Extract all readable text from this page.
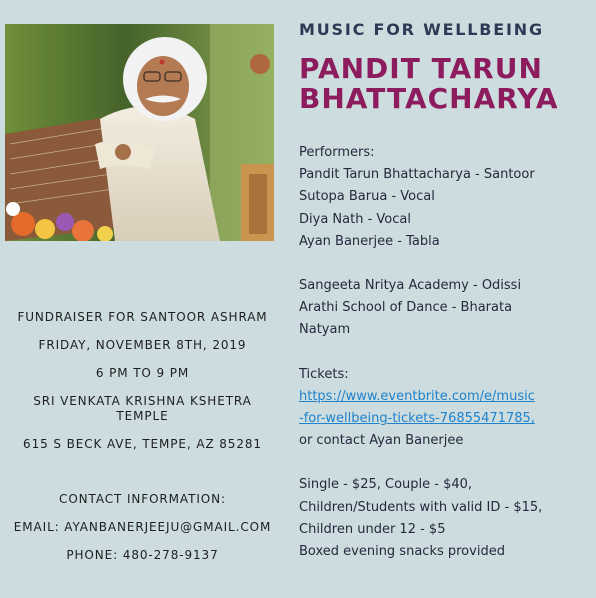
MUSIC FOR WELLBEING

PANDIT TARUN
BHATTACHARYA

Performers:

Pandit Tarun Bhattacharya - Santoor

Sutopa Barua - Vocal

Diya Nath - Vocal

Ayan Banerjee - Tabla

Sangeeta Nritya Academy - Odissi

Arathi School of Dance - Bharata

Natyam

Tickets:

https://www.eventbrite.com/e/music

-for-wellbeing-tickets-76855471785,

or contact Ayan Banerjee

Single - $25, Couple - $40,

Children/Students with valid ID - $15,

Children under 12 - $5

Boxed evening snacks provided

FUNDRAISER FOR SANTOOR ASHRAM

FRIDAY, NOVEMBER 8TH, 2019

6 PM TO 9 PM

SRI VENKATA KRISHNA KSHETRA

TEMPLE

615 S BECK AVE, TEMPE, AZ 85281

CONTACT INFORMATION:

EMAIL: AYANBANERJEEJU@GMAIL.COM

PHONE: 480-278-9137
